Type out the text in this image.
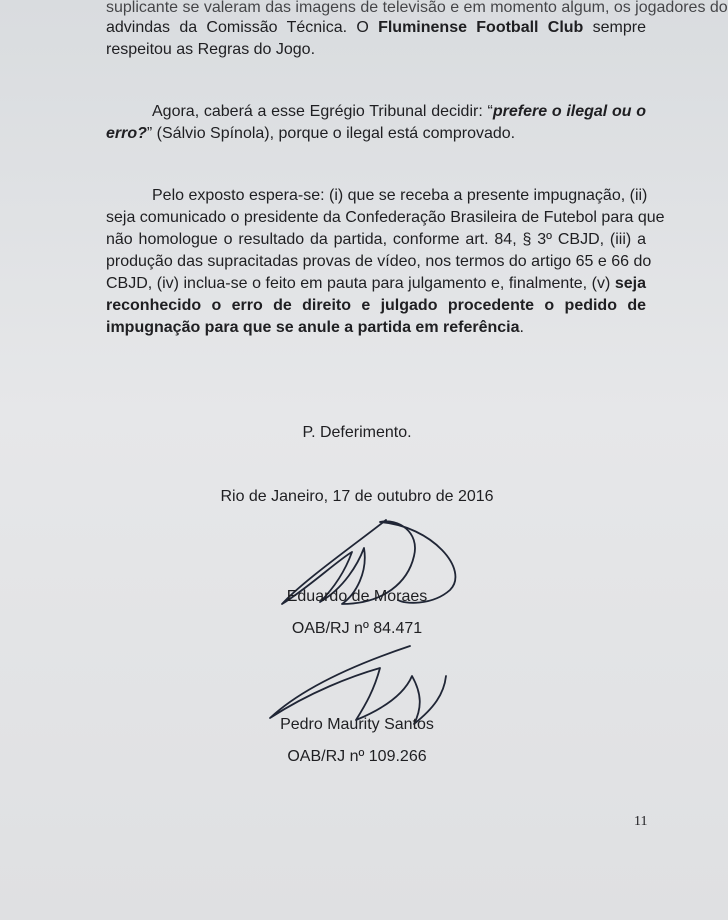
suplicante se valeram das imagens de televisão e em momento algum, os jogadores do
advindas da Comissão Técnica. O Fluminense Football Club sempre
respeitou as Regras do Jogo.
Agora, caberá a esse Egrégio Tribunal decidir: “prefere o ilegal ou o
erro?” (Sálvio Spínola), porque o ilegal está comprovado.
Pelo exposto espera-se: (i) que se receba a presente impugnação, (ii)
seja comunicado o presidente da Confederação Brasileira de Futebol para que
não homologue o resultado da partida, conforme art. 84, § 3º CBJD, (iii) a
produção das supracitadas provas de vídeo, nos termos do artigo 65 e 66 do
CBJD, (iv) inclua-se o feito em pauta para julgamento e, finalmente, (v) seja
reconhecido o erro de direito e julgado procedente o pedido de
impugnação para que se anule a partida em referência.
P. Deferimento.
Rio de Janeiro, 17 de outubro de 2016
Eduardo de Moraes
OAB/RJ nº 84.471
Pedro Maurity Santos
OAB/RJ nº 109.266
11
